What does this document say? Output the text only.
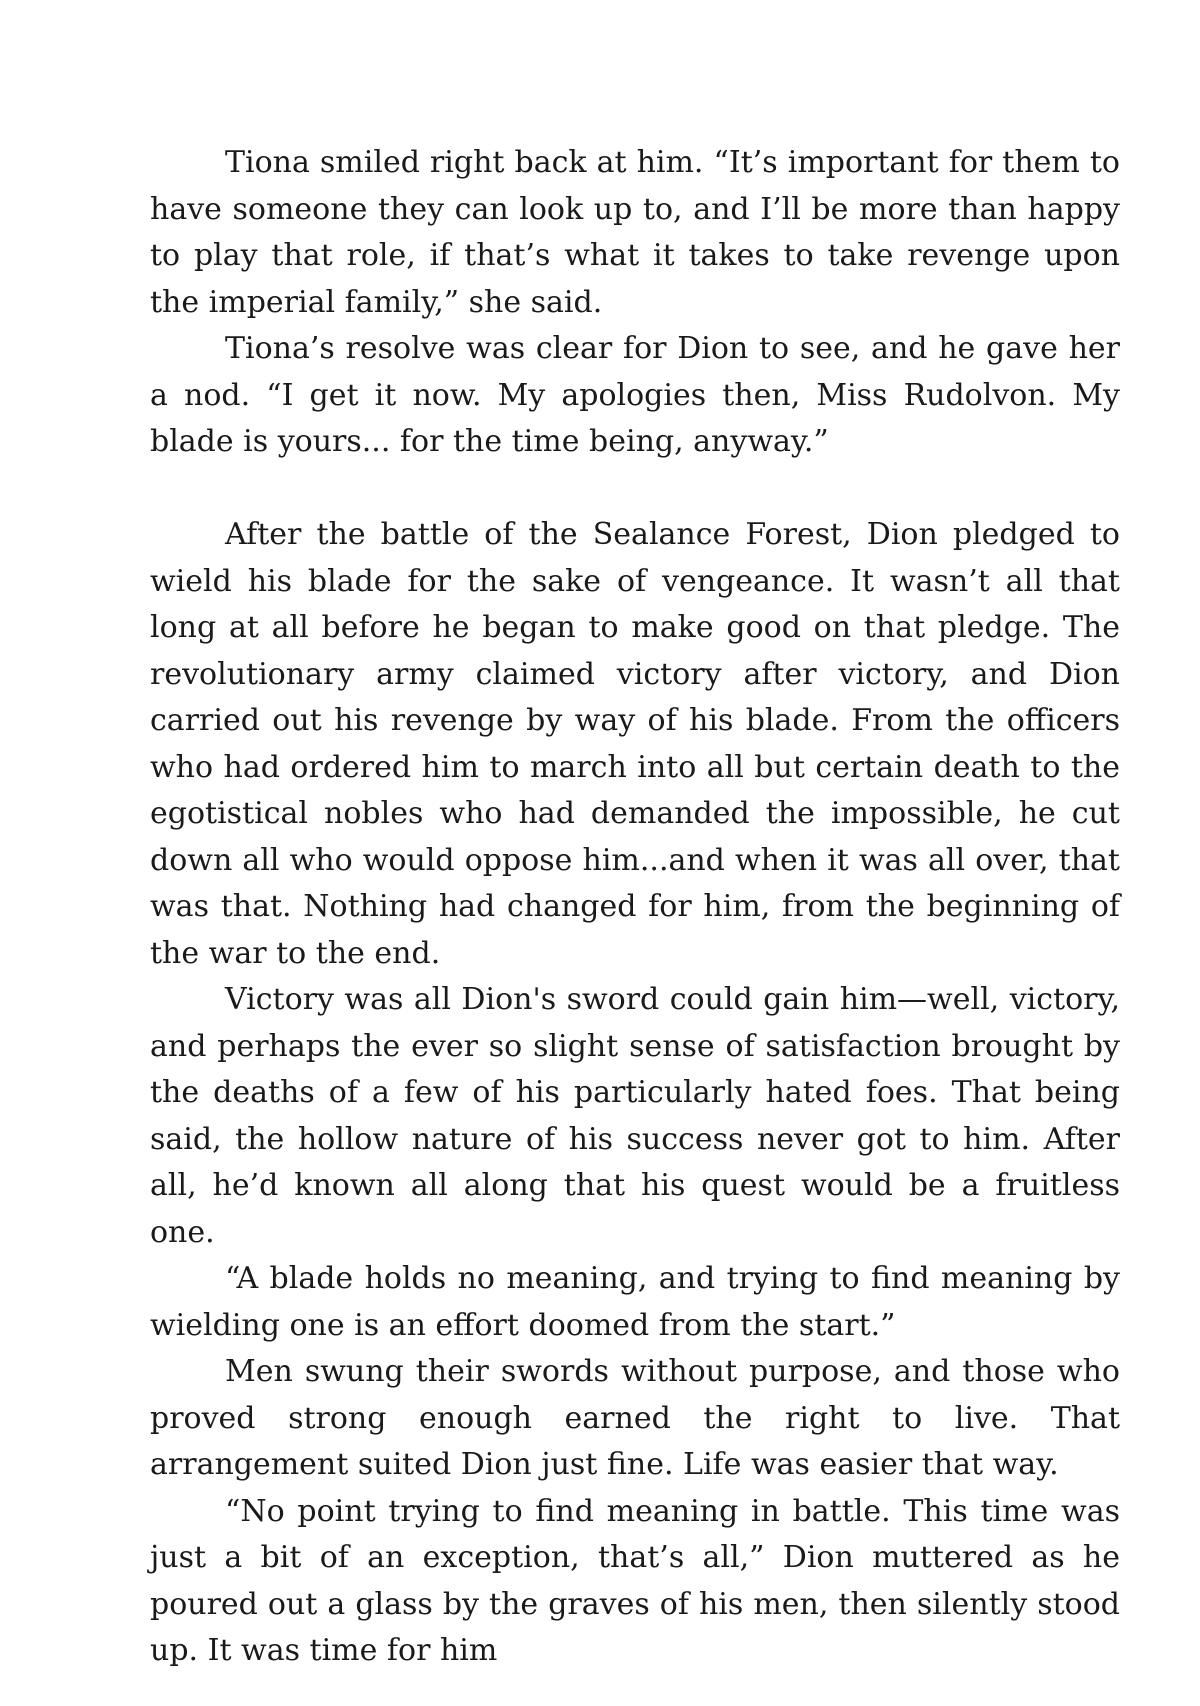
Tiona smiled right back at him. “It’s important for them to have someone they can look up to, and I’ll be more than happy to play that role, if that’s what it takes to take revenge upon the imperial family,” she said.

Tiona’s resolve was clear for Dion to see, and he gave her a nod. “I get it now. My apologies then, Miss Rudolvon. My blade is yours... for the time being, anyway.”

After the battle of the Sealance Forest, Dion pledged to wield his blade for the sake of vengeance. It wasn’t all that long at all before he began to make good on that pledge. The revolutionary army claimed victory after victory, and Dion carried out his revenge by way of his blade. From the officers who had ordered him to march into all but certain death to the egotistical nobles who had demanded the impossible, he cut down all who would oppose him...and when it was all over, that was that. Nothing had changed for him, from the beginning of the war to the end.

Victory was all Dion's sword could gain him—well, victory, and perhaps the ever so slight sense of satisfaction brought by the deaths of a few of his particularly hated foes. That being said, the hollow nature of his success never got to him. After all, he’d known all along that his quest would be a fruitless one.

“A blade holds no meaning, and trying to find meaning by wielding one is an effort doomed from the start.”

Men swung their swords without purpose, and those who proved strong enough earned the right to live. That arrangement suited Dion just fine. Life was easier that way.

“No point trying to find meaning in battle. This time was just a bit of an exception, that’s all,” Dion muttered as he poured out a glass by the graves of his men, then silently stood up. It was time for him
